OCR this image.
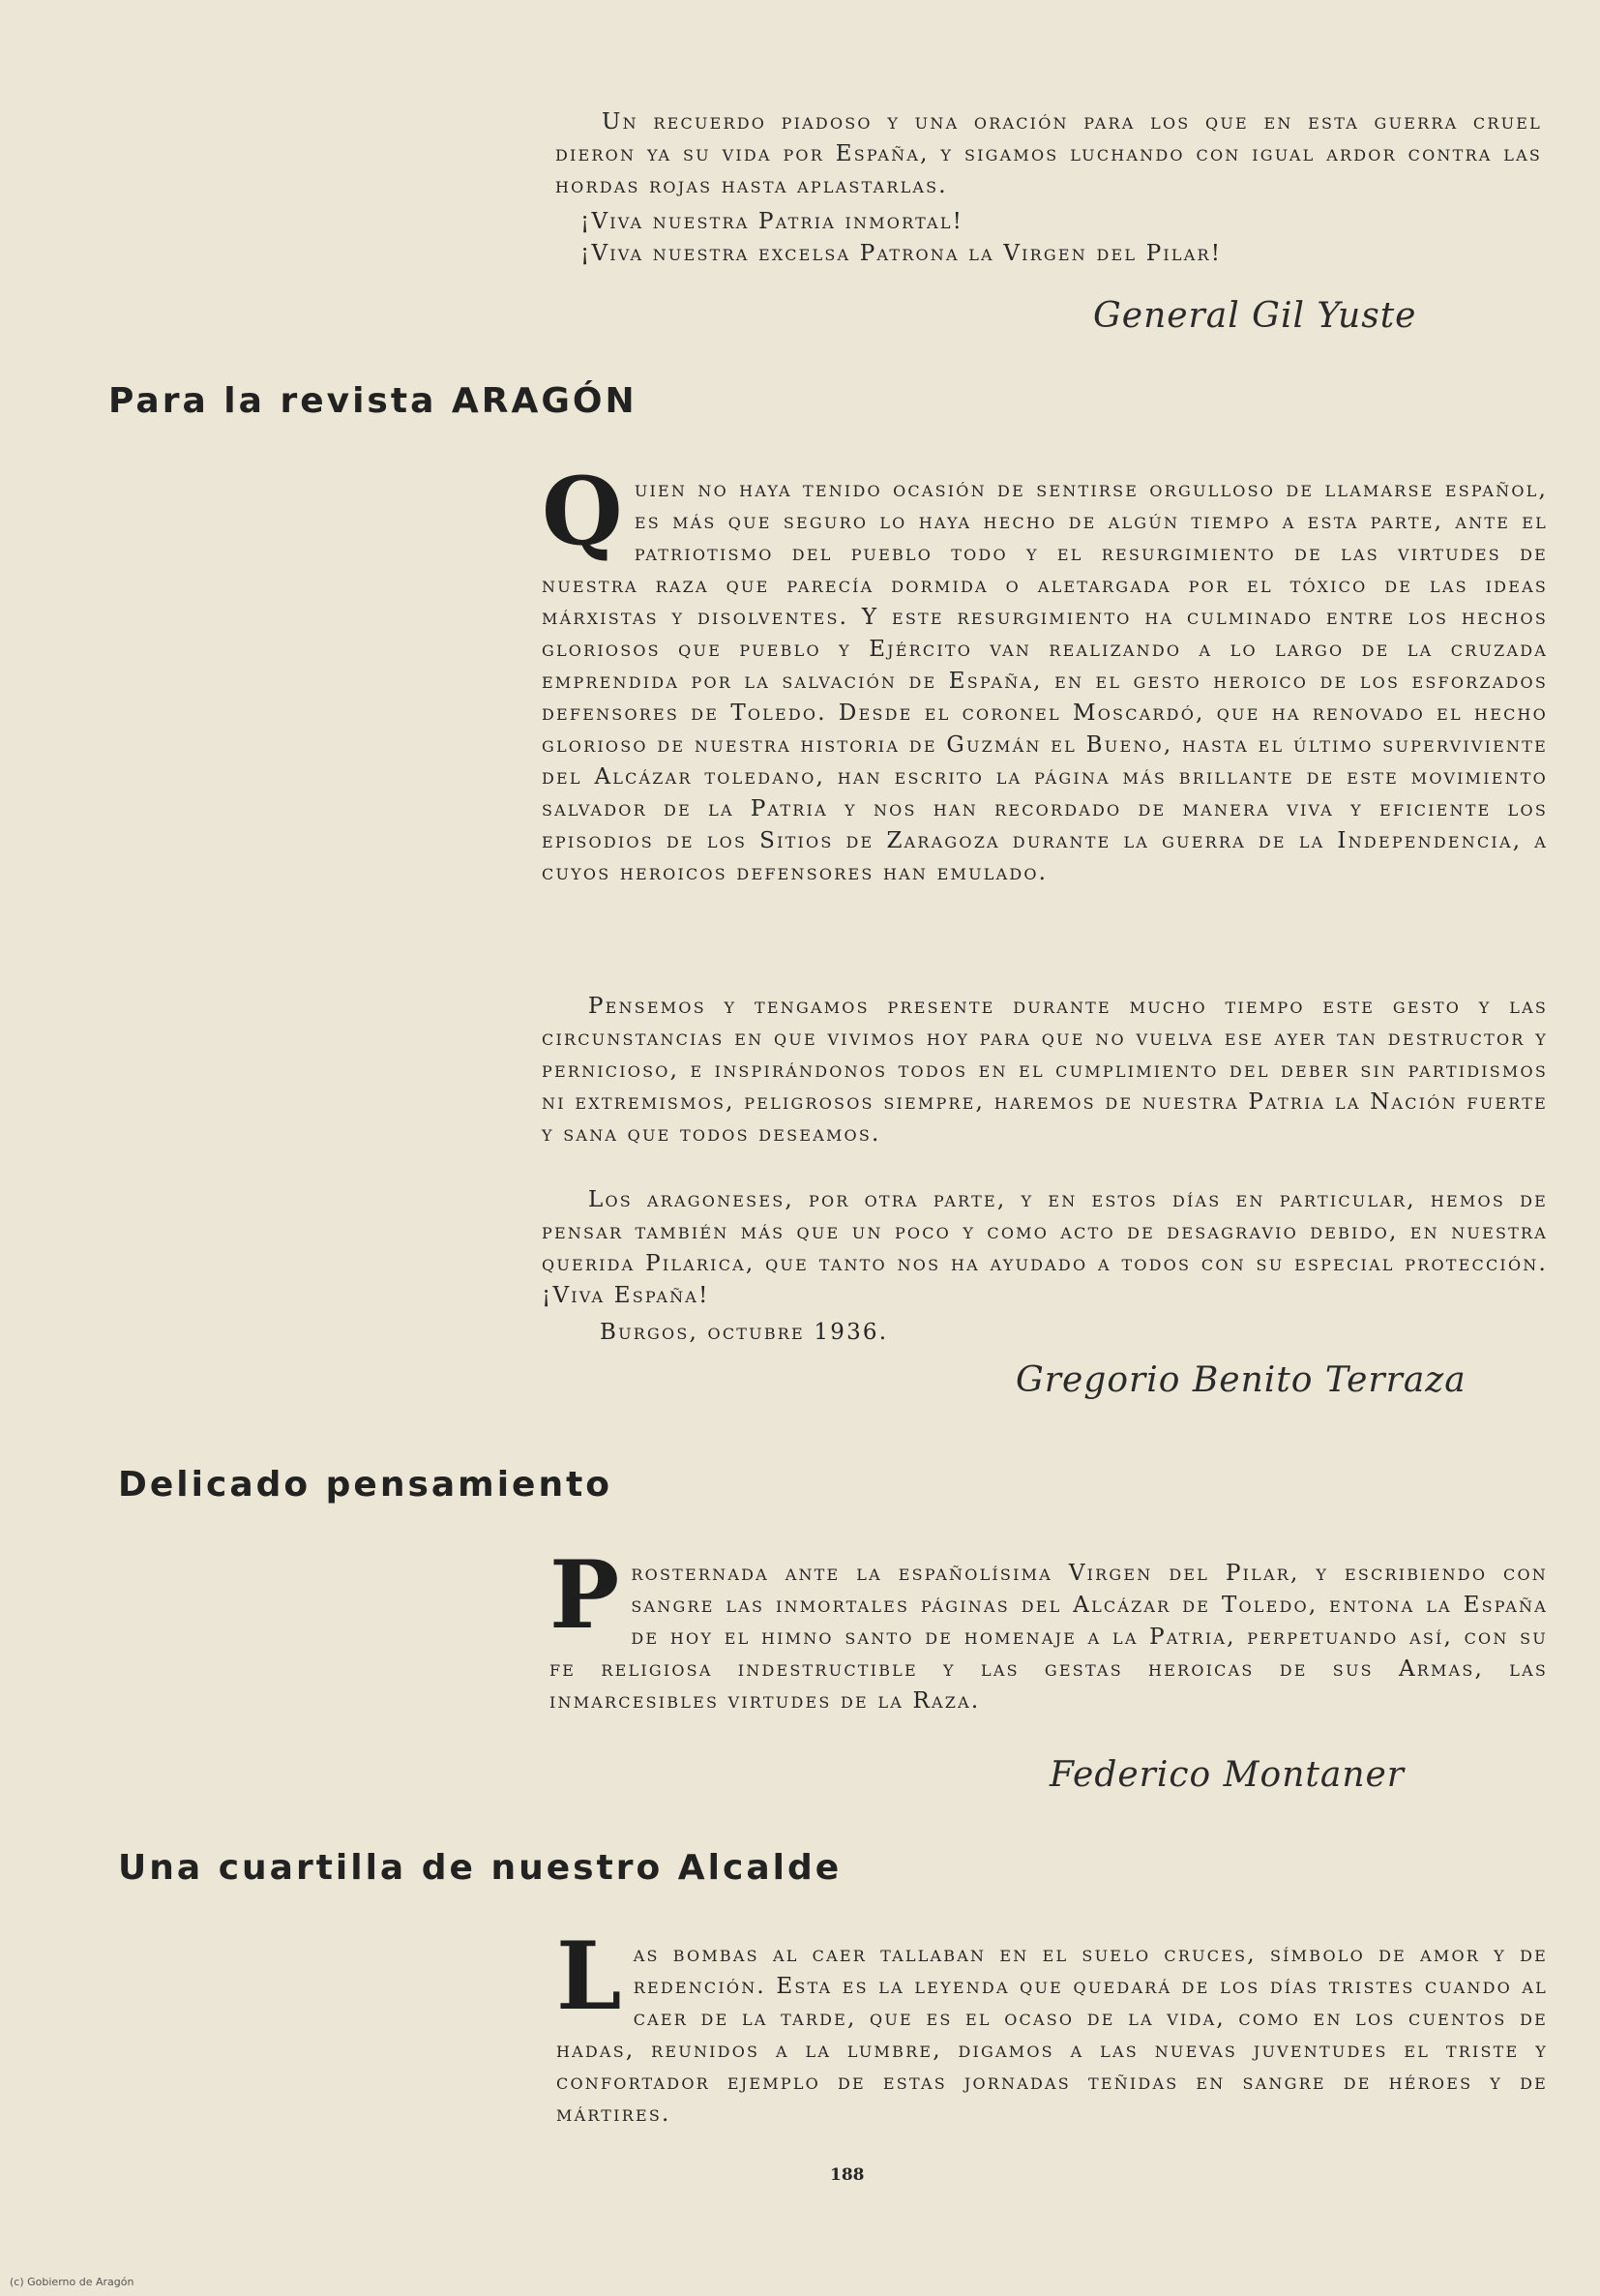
Un recuerdo piadoso y una oración para los que en esta guerra cruel dieron ya su vida por España, y sigamos luchando con igual ardor contra las hordas rojas hasta aplastarlas.

¡Viva nuestra Patria inmortal!

¡Viva nuestra excelsa Patrona la Virgen del Pilar!

General Gil Yuste

Para la revista ARAGÓN
Q uien no haya tenido ocasión de sentirse orgulloso de llamarse español, es más que seguro lo haya hecho de algún tiempo a esta parte, ante el patriotismo del pueblo todo y el resurgimiento de las virtudes de nuestra raza que parecía dormida o aletargada por el tóxico de las ideas márxistas y disolventes. Y este resurgimiento ha culminado entre los hechos gloriosos que pueblo y Ejército van realizando a lo largo de la cruzada emprendida por la salvación de España, en el gesto heroico de los esforzados defensores de Toledo. Desde el coronel Moscardó, que ha renovado el hecho glorioso de nuestra historia de Guzmán el Bueno, hasta el último superviviente del Alcázar toledano, han escrito la página más brillante de este movimiento salvador de la Patria y nos han recordado de manera viva y eficiente los episodios de los Sitios de Zaragoza durante la guerra de la Independencia, a cuyos heroicos defensores han emulado.

Pensemos y tengamos presente durante mucho tiempo este gesto y las circunstancias en que vivimos hoy para que no vuelva ese ayer tan destructor y pernicioso, e inspirándonos todos en el cumplimiento del deber sin partidismos ni extremismos, peligrosos siempre, haremos de nuestra Patria la Nación fuerte y sana que todos deseamos.

Los aragoneses, por otra parte, y en estos días en particular, hemos de pensar también más que un poco y como acto de desagravio debido, en nuestra querida Pilarica, que tanto nos ha ayudado a todos con su especial protección. ¡Viva España!

Burgos, octubre 1936.

Gregorio Benito Terraza

Delicado pensamiento
P rosternada ante la españolísima Virgen del Pilar, y escribiendo con sangre las inmortales páginas del Alcázar de Toledo, entona la España de hoy el himno santo de homenaje a la Patria, perpetuando así, con su fe religiosa indestructible y las gestas heroicas de sus Armas, las inmarcesibles virtudes de la Raza.

Federico Montaner

Una cuartilla de nuestro Alcalde
L as bombas al caer tallaban en el suelo cruces, símbolo de amor y de redención. Esta es la leyenda que quedará de los días tristes cuando al caer de la tarde, que es el ocaso de la vida, como en los cuentos de hadas, reunidos a la lumbre, digamos a las nuevas juventudes el triste y confortador ejemplo de estas jornadas teñidas en sangre de héroes y de mártires.

188

(c) Gobierno de Aragón
